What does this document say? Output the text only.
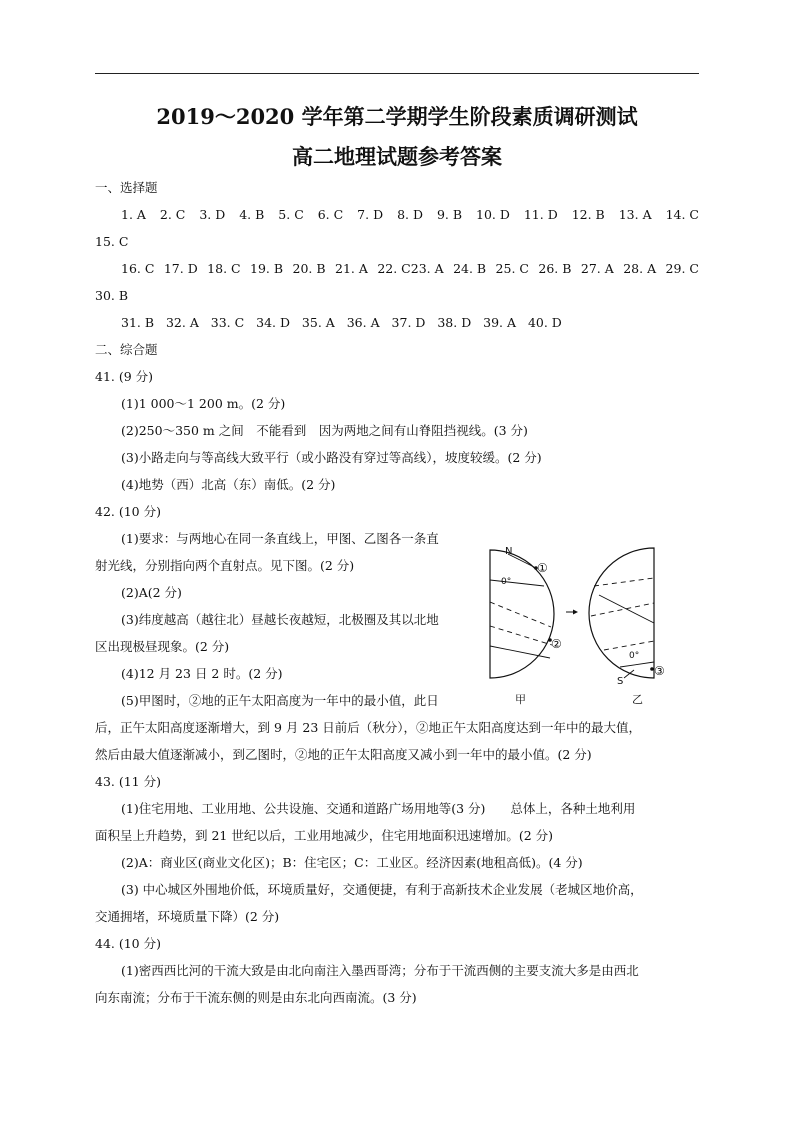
2019～2020 学年第二学期学生阶段素质调研测试
高二地理试题参考答案
一、选择题
1. A 2. C 3. D 4. B 5. C 6. C 7. D 8. D 9. B 10. D 11. D 12. B 13. A 14. C
15. C
16. C 17. D 18. C 19. B 20. B 21. A 22. C23. A 24. B 25. C 26. B 27. A 28. A 29. C
30. B
31. B 32. A 33. C 34. D 35. A 36. A 37. D 38. D 39. A 40. D
二、综合题
41. (9 分)
(1)1 000～1 200 m。(2 分)
(2)250～350 m 之间　不能看到　因为两地之间有山脊阻挡视线。(3 分)
(3)小路走向与等高线大致平行（或小路没有穿过等高线），坡度较缓。(2 分)
(4)地势（西）北高（东）南低。(2 分)
42. (10 分)
(1)要求：与两地心在同一条直线上，甲图、乙图各一条直
射光线，分别指向两个直射点。见下图。(2 分)
(2)A(2 分)
(3)纬度越高（越往北）昼越长夜越短，北极圈及其以北地
区出现极昼现象。(2 分)
(4)12 月 23 日 2 时。(2 分)
(5)甲图时，②地的正午太阳高度为一年中的最小值，此日
后，正午太阳高度逐渐增大，到 9 月 23 日前后（秋分），②地正午太阳高度达到一年中的最大值，
然后由最大值逐渐减小，到乙图时，②地的正午太阳高度又减小到一年中的最小值。(2 分)
43. (11 分)
(1)住宅用地、工业用地、公共设施、交通和道路广场用地等(3 分)　　总体上，各种土地利用
面积呈上升趋势，到 21 世纪以后，工业用地减少，住宅用地面积迅速增加。(2 分)
(2)A：商业区(商业文化区)；B：住宅区；C：工业区。经济因素(地租高低)。(4 分)
(3) 中心城区外围地价低，环境质量好，交通便捷，有利于高新技术企业发展（老城区地价高，
交通拥堵，环境质量下降）(2 分)
44. (10 分)
(1)密西西比河的干流大致是由北向南注入墨西哥湾；分布于干流西侧的主要支流大多是由西北
向东南流；分布于干流东侧的则是由东北向西南流。(3 分)
N
0°
①
②
甲
0°
S
③
乙
